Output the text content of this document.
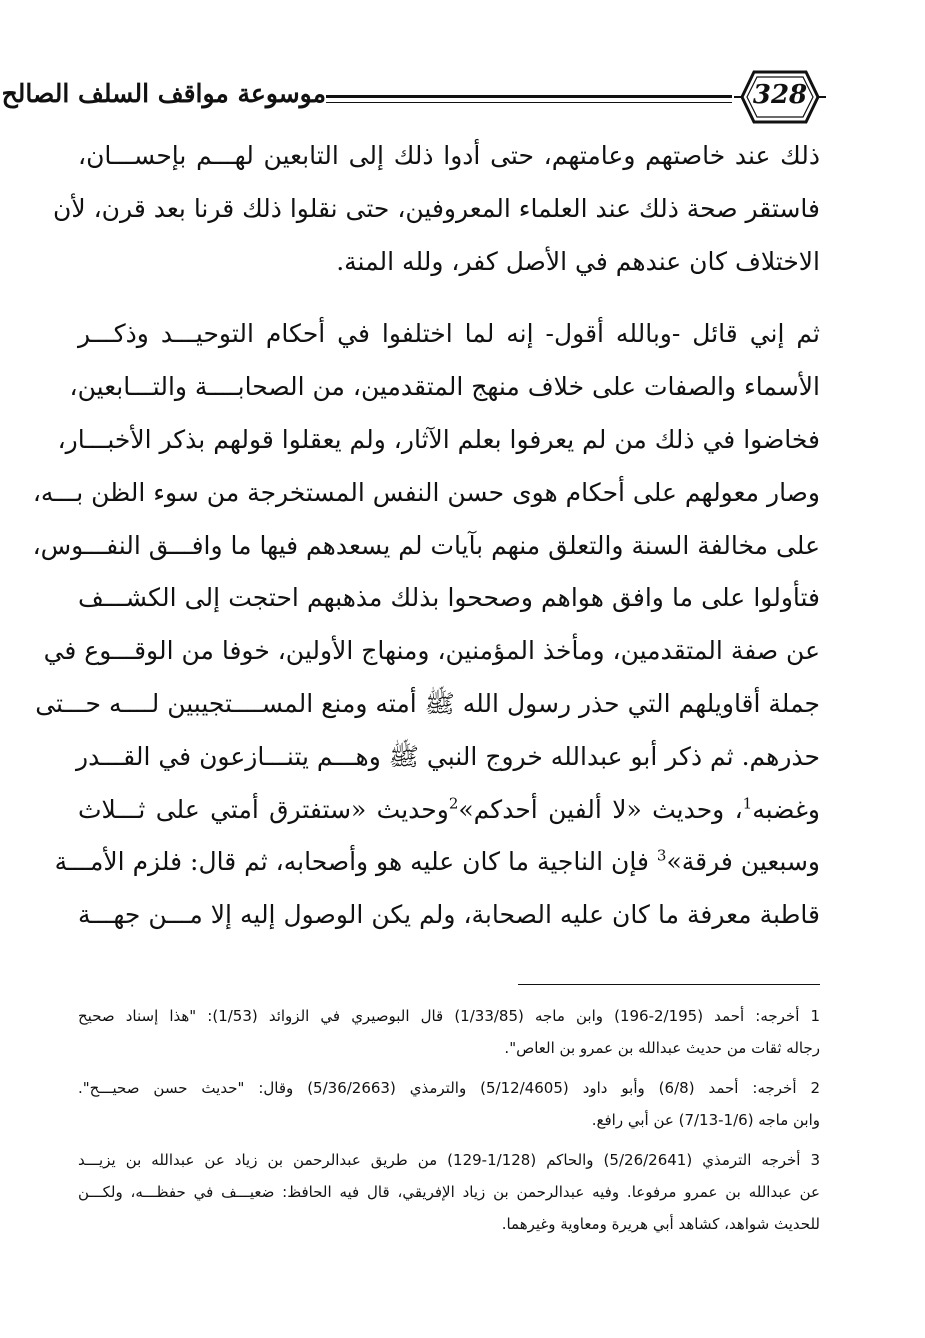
موسوعة مواقف السلف الصالح	328
ذلك عند خاصتهم وعامتهم، حتى أدوا ذلك إلى التابعين لهـــم بإحســـان،
فاستقر صحة ذلك عند العلماء المعروفين، حتى نقلوا ذلك قرنا بعد قرن، لأن
الاختلاف كان عندهم في الأصل كفر، ولله المنة.
ثم إني قائل -وبالله أقول- إنه لما اختلفوا في أحكام التوحيـــد وذكـــر
الأسماء والصفات على خلاف منهج المتقدمين، من الصحابــــة والتـــابعين،
فخاضوا في ذلك من لم يعرفوا بعلم الآثار، ولم يعقلوا قولهم بذكر الأخبـــار،
وصار معولهم على أحكام هوى حسن النفس المستخرجة من سوء الظن بـــه،
على مخالفة السنة والتعلق منهم بآيات لم يسعدهم فيها ما وافـــق النفـــوس،
فتأولوا على ما وافق هواهم وصححوا بذلك مذهبهم احتجت إلى الكشـــف
عن صفة المتقدمين، ومأخذ المؤمنين، ومنهاج الأولين، خوفا من الوقـــوع في
جملة أقاويلهم التي حذر رسول الله ﷺ أمته ومنع المســــتجيبين لــــه حـــتى
حذرهم. ثم ذكر أبو عبدالله خروج النبي ﷺ وهـــم يتنـــازعون في القـــدر
وغضبه$^1$، وحديث «لا ألفين أحدكم»$^2$وحديث «ستفترق أمتي على ثـــلاث
وسبعين فرقة»$^3$ فإن الناجية ما كان عليه هو وأصحابه، ثم قال: فلزم الأمـــة
قاطبة معرفة ما كان عليه الصحابة، ولم يكن الوصول إليه إلا مـــن جهـــة
1 أخرجه: أحمد (2/195-196) وابن ماجه (1/33/85) قال البوصيري في الزوائد (1/53): "هذا إسناد صحيح
رجاله ثقات من حديث عبدالله بن عمرو بن العاص".
2 أخرجه: أحمد (6/8) وأبو داود (5/12/4605) والترمذي (5/36/2663) وقال: "حديث حسن صحيـــح".
وابن ماجه (1/6-7/13) عن أبي رافع.
3 أخرجه الترمذي (5/26/2641) والحاكم (1/128-129) من طريق عبدالرحمن بن زياد عن عبدالله بن يزيـــد
عن عبدالله بن عمرو مرفوعا. وفيه عبدالرحمن بن زياد الإفريقي، قال فيه الحافظ: ضعيـــف في حفظـــه، ولكـــن
للحديث شواهد، كشاهد أبي هريرة ومعاوية وغيرهما.
